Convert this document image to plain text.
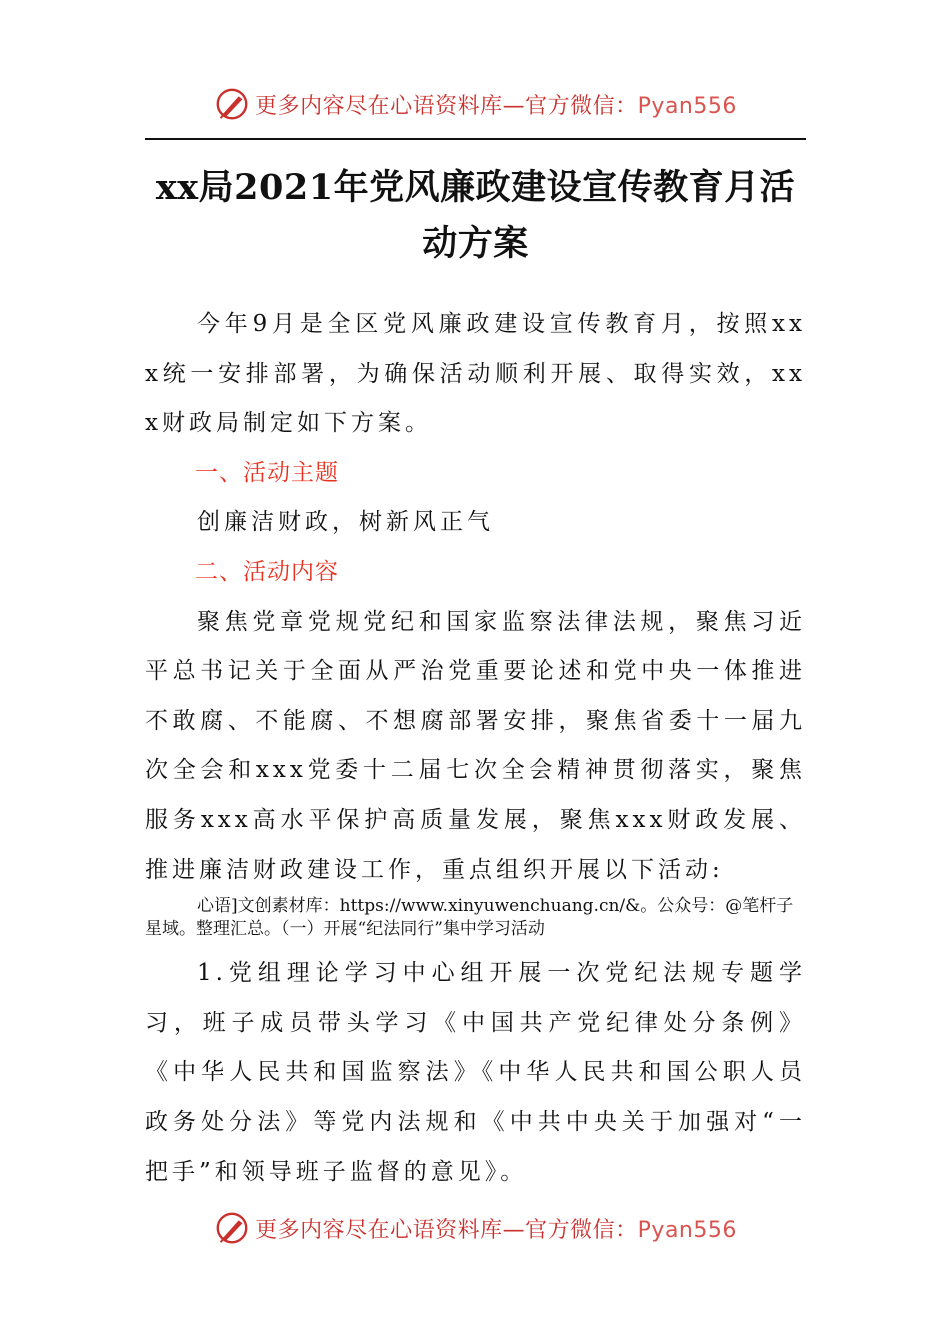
更多内容尽在心语资料库—官方微信：Pyan556
xx局2021年党风廉政建设宣传教育月活动方案

今年9月是全区党风廉政建设宣传教育月，按照xxx统一安排部署，为确保活动顺利开展、取得实效，xxx财政局制定如下方案。

一、活动主题

创廉洁财政，树新风正气

二、活动内容

聚焦党章党规党纪和国家监察法律法规，聚焦习近平总书记关于全面从严治党重要论述和党中央一体推进不敢腐、不能腐、不想腐部署安排，聚焦省委十一届九次全会和xxx党委十二届七次全会精神贯彻落实，聚焦服务xxx高水平保护高质量发展，聚焦xxx财政发展、推进廉洁财政建设工作，重点组织开展以下活动:

心语]文创素材库：https://www.xinyuwenchuang.cn/&。公众号：@笔杆子星域。整理汇总。（一）开展“纪法同行”集中学习活动

1.党组理论学习中心组开展一次党纪法规专题学习，班子成员带头学习《中国共产党纪律处分条例》《中华人民共和国监察法》《中华人民共和国公职人员政务处分法》等党内法规和《中共中央关于加强对“一把手”和领导班子监督的意见》。

更多内容尽在心语资料库—官方微信：Pyan556
